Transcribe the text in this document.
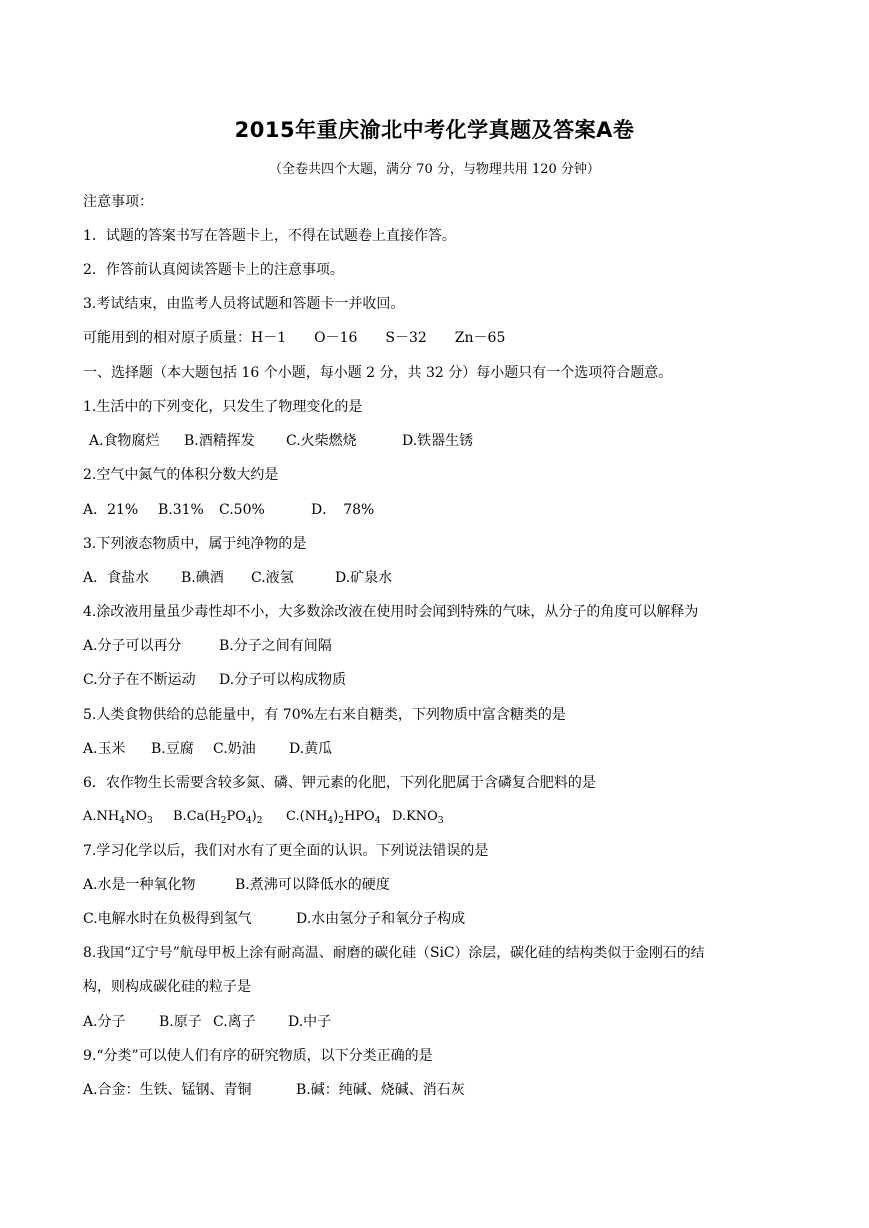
2015年重庆渝北中考化学真题及答案A卷
（全卷共四个大题，满分 70 分，与物理共用 120 分钟）
注意事项：
1．试题的答案书写在答题卡上，不得在试题卷上直接作答。
2．作答前认真阅读答题卡上的注意事项。
3.考试结束，由监考人员将试题和答题卡一并收回。
可能用到的相对原子质量：H－1　　O－16　　S－32　　Zn－65
一、选择题（本大题包括 16 个小题，每小题 2 分，共 32 分）每小题只有一个选项符合题意。
1.生活中的下列变化，只发生了物理变化的是
A.食物腐烂 B.酒精挥发 C.火柴燃烧	D.铁器生锈
2.空气中氮气的体积分数大约是
A．21% B.31% C.50%	D．　78%
3.下列液态物质中，属于纯净物的是
A．食盐水 B.碘酒 C.液氢	D.矿泉水
4.涂改液用量虽少毒性却不小，大多数涂改液在使用时会闻到特殊的气味，从分子的角度可以解释为
A.分子可以再分	B.分子之间有间隔
C.分子在不断运动 D.分子可以构成物质
5.人类食物供给的总能量中，有 70%左右来自糖类，下列物质中富含糖类的是
A.玉米 B.豆腐 C.奶油 D.黄瓜
6．农作物生长需要含较多氮、磷、钾元素的化肥，下列化肥属于含磷复合肥料的是
$A.NH_4NO_3$ $B.Ca(H_2PO_4)_2$ $C.(NH_4)_2HPO_4$ $D.KNO_3$
7.学习化学以后，我们对水有了更全面的认识。下列说法错误的是
A.水是一种氧化物	B.煮沸可以降低水的硬度
C.电解水时在负极得到氢气	D.水由氢分子和氧分子构成
8.我国“辽宁号”航母甲板上涂有耐高温、耐磨的碳化硅（SiC）涂层，碳化硅的结构类似于金刚石的结
构，则构成碳化硅的粒子是
A.分子 B.原子 C.离子 D.中子
9.“分类”可以使人们有序的研究物质，以下分类正确的是
A.合金：生铁、锰钢、青铜	B.碱：纯碱、烧碱、消石灰
